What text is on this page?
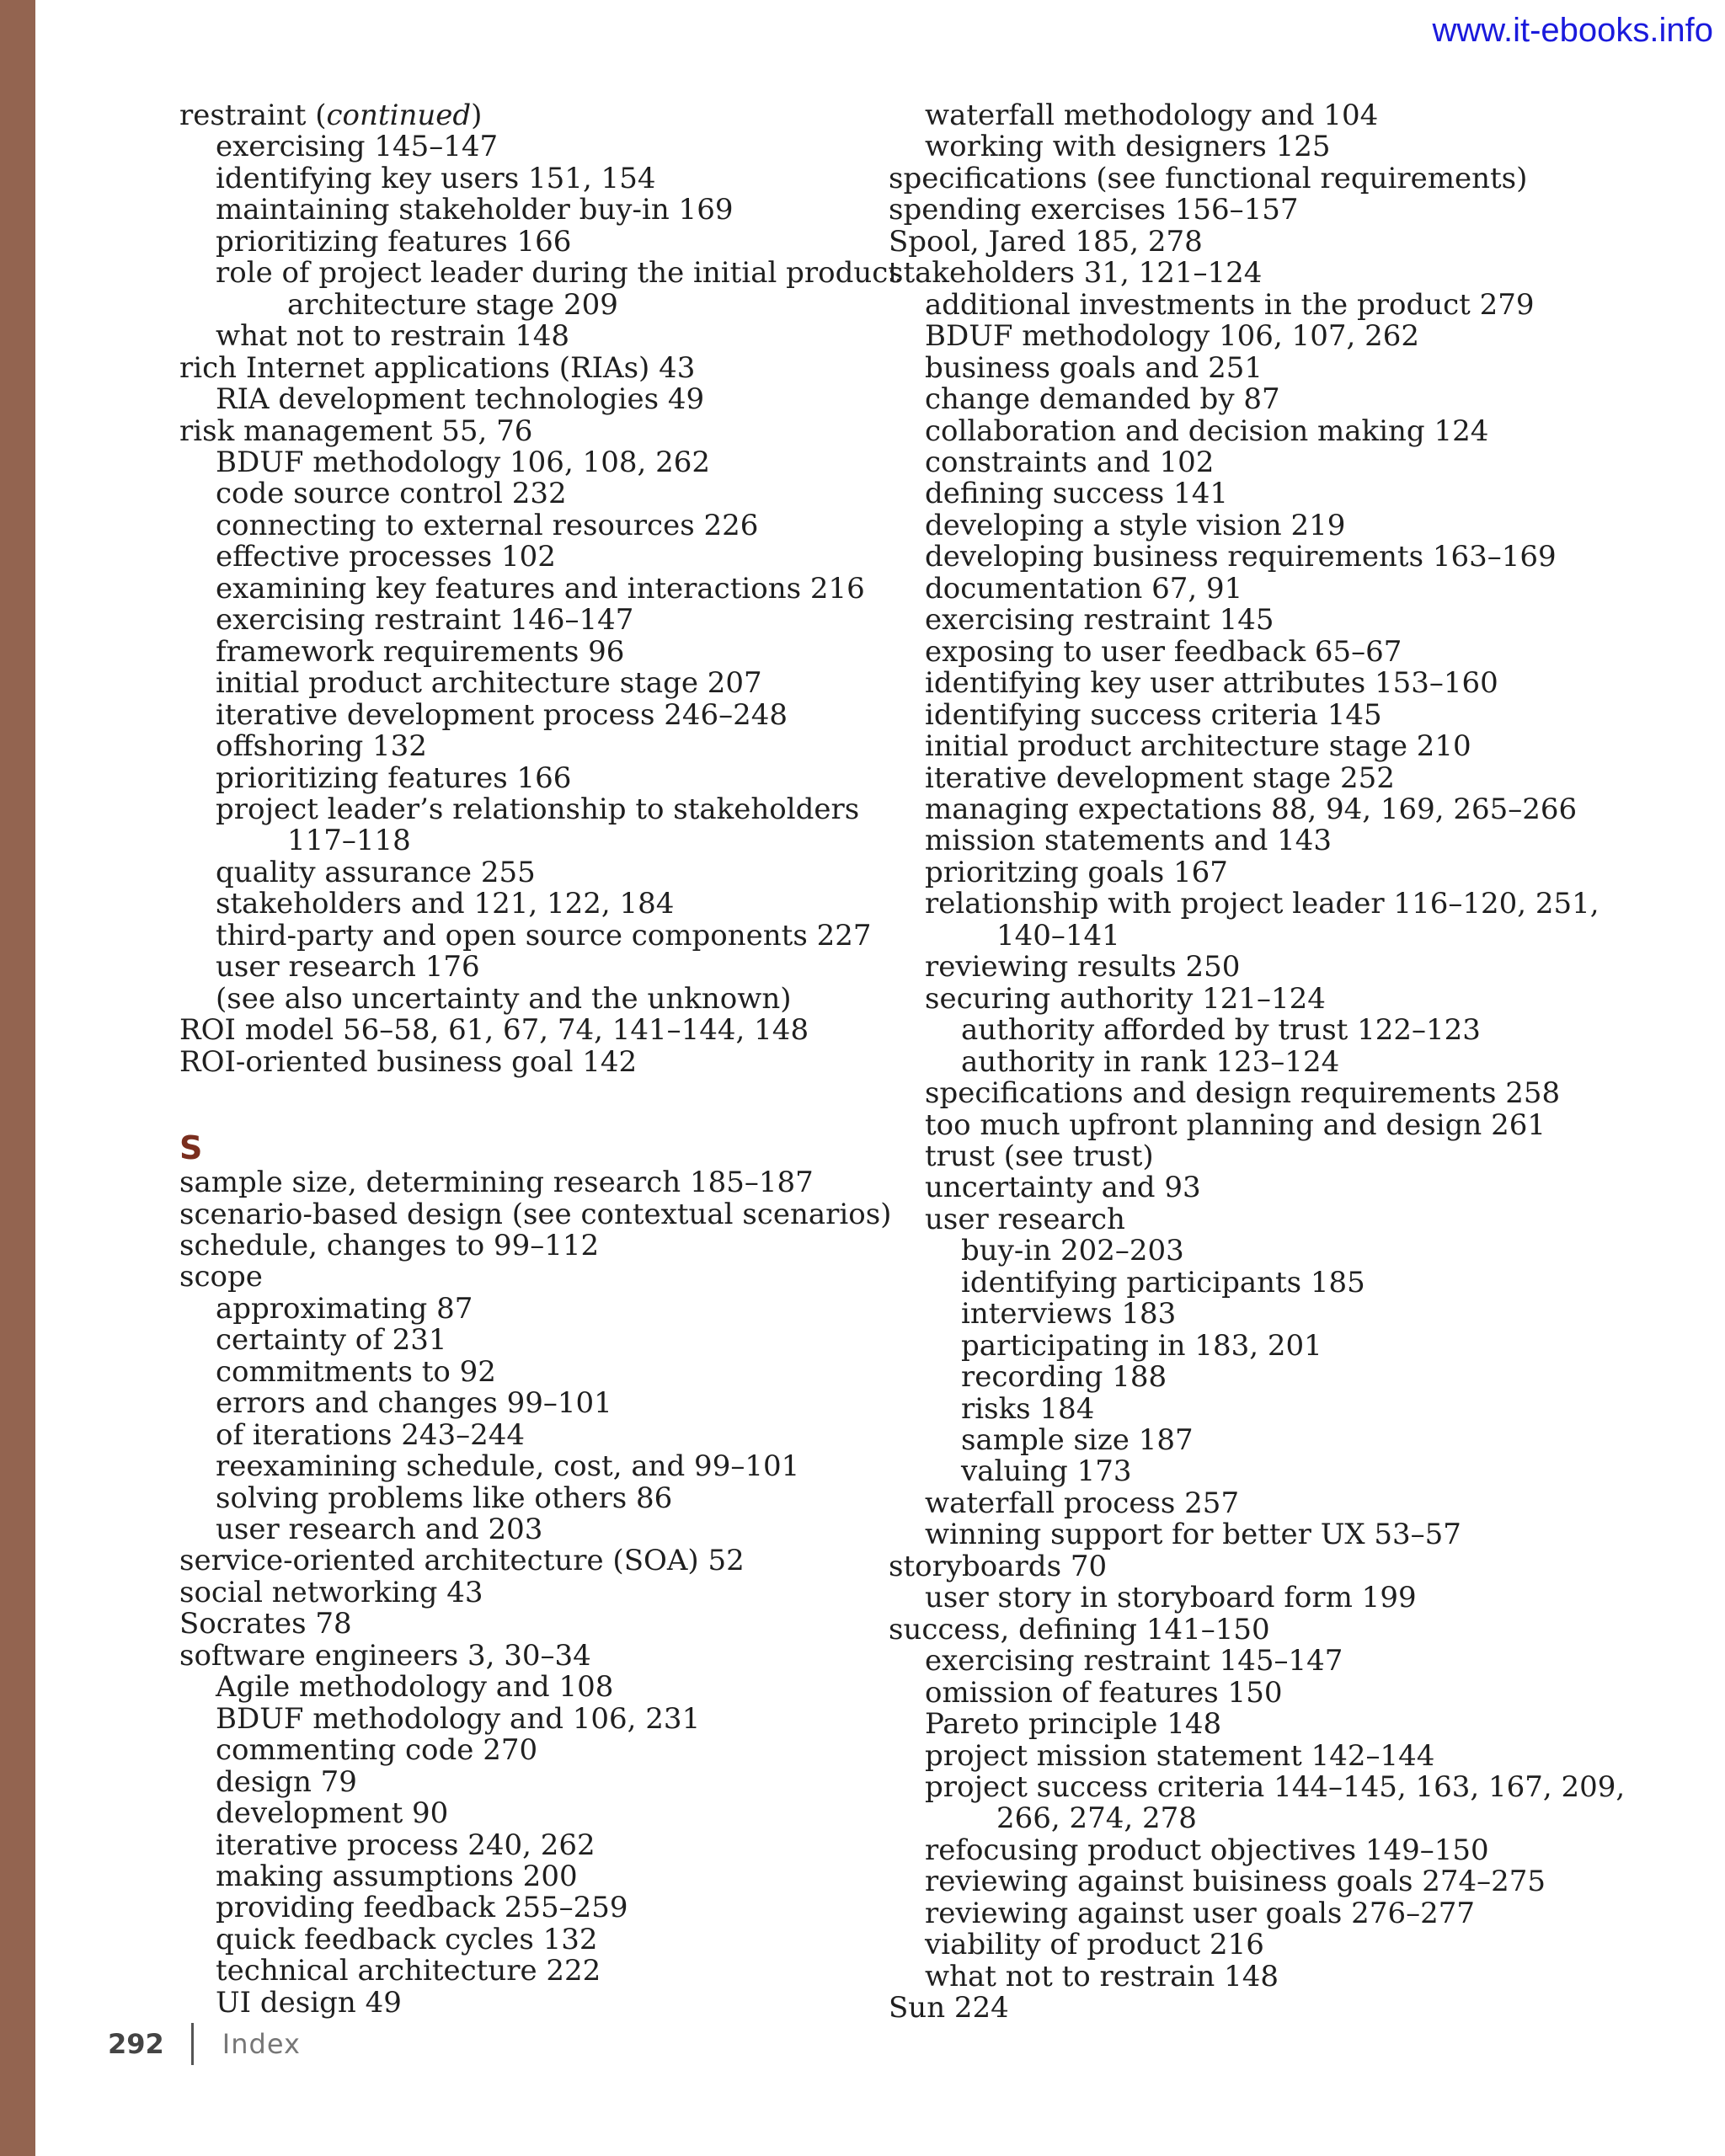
www.it-ebooks.info
restraint (continued)
exercising 145–147
identifying key users 151, 154
maintaining stakeholder buy-in 169
prioritizing features 166
role of project leader during the initial product
architecture stage 209
what not to restrain 148
rich Internet applications (RIAs) 43
RIA development technologies 49
risk management 55, 76
BDUF methodology 106, 108, 262
code source control 232
connecting to external resources 226
effective processes 102
examining key features and interactions 216
exercising restraint 146–147
framework requirements 96
initial product architecture stage 207
iterative development process 246–248
offshoring 132
prioritizing features 166
project leader’s relationship to stakeholders
117–118
quality assurance 255
stakeholders and 121, 122, 184
third-party and open source components 227
user research 176
(see also uncertainty and the unknown)
ROI model 56–58, 61, 67, 74, 141–144, 148
ROI-oriented business goal 142
S
sample size, determining research 185–187
scenario-based design (see contextual scenarios)
schedule, changes to 99–112
scope
approximating 87
certainty of 231
commitments to 92
errors and changes 99–101
of iterations 243–244
reexamining schedule, cost, and 99–101
solving problems like others 86
user research and 203
service-oriented architecture (SOA) 52
social networking 43
Socrates 78
software engineers 3, 30–34
Agile methodology and 108
BDUF methodology and 106, 231
commenting code 270
design 79
development 90
iterative process 240, 262
making assumptions 200
providing feedback 255–259
quick feedback cycles 132
technical architecture 222
UI design 49
waterfall methodology and 104
working with designers 125
specifications (see functional requirements)
spending exercises 156–157
Spool, Jared 185, 278
stakeholders 31, 121–124
additional investments in the product 279
BDUF methodology 106, 107, 262
business goals and 251
change demanded by 87
collaboration and decision making 124
constraints and 102
defining success 141
developing a style vision 219
developing business requirements 163–169
documentation 67, 91
exercising restraint 145
exposing to user feedback 65–67
identifying key user attributes 153–160
identifying success criteria 145
initial product architecture stage 210
iterative development stage 252
managing expectations 88, 94, 169, 265–266
mission statements and 143
prioritzing goals 167
relationship with project leader 116–120, 251,
140–141
reviewing results 250
securing authority 121–124
authority afforded by trust 122–123
authority in rank 123–124
specifications and design requirements 258
too much upfront planning and design 261
trust (see trust)
uncertainty and 93
user research
buy-in 202–203
identifying participants 185
interviews 183
participating in 183, 201
recording 188
risks 184
sample size 187
valuing 173
waterfall process 257
winning support for better UX 53–57
storyboards 70
user story in storyboard form 199
success, defining 141–150
exercising restraint 145–147
omission of features 150
Pareto principle 148
project mission statement 142–144
project success criteria 144–145, 163, 167, 209,
266, 274, 278
refocusing product objectives 149–150
reviewing against buisiness goals 274–275
reviewing against user goals 276–277
viability of product 216
what not to restrain 148
Sun 224
292 Index
